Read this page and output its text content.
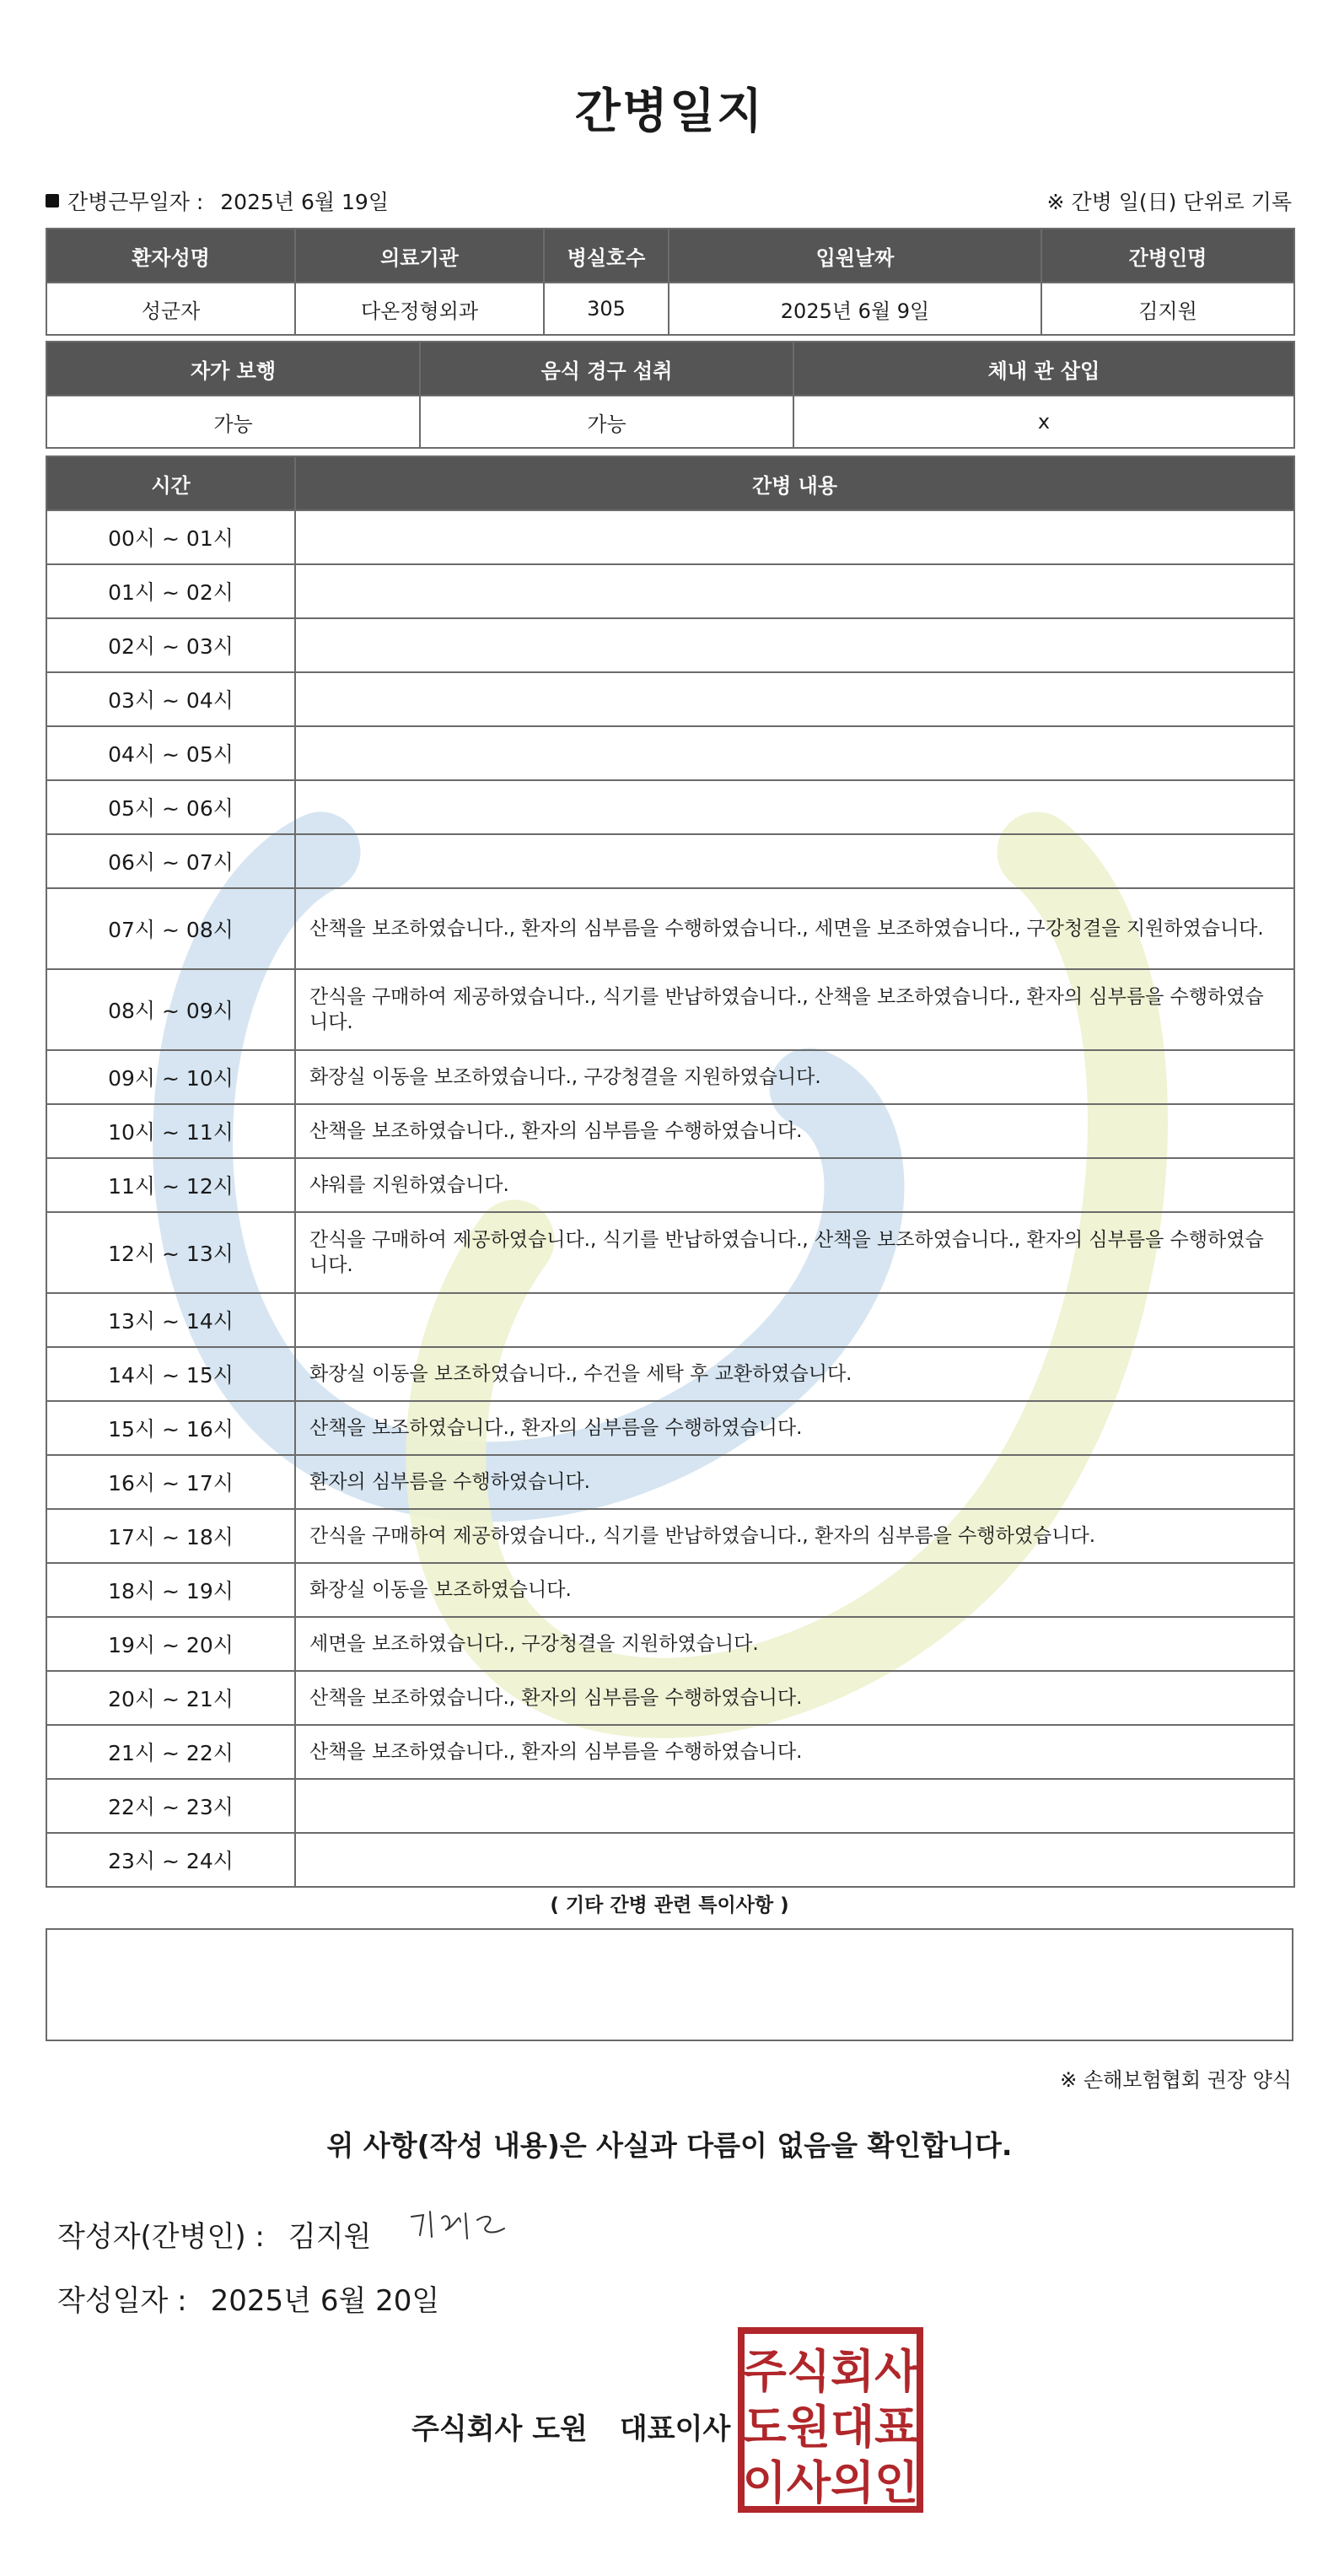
간병일지
간병근무일자 : 2025년 6월 19일	※ 간병 일(日) 단위로 기록
환자성명	의료기관	병실호수	입원날짜	간병인명
성군자	다온정형외과	305	2025년 6월 9일	김지원
자가 보행	음식 경구 섭취	체내 관 삽입
가능	가능	x
시간	간병 내용
00시 ~ 01시	
01시 ~ 02시	
02시 ~ 03시	
03시 ~ 04시	
04시 ~ 05시	
05시 ~ 06시	
06시 ~ 07시	
07시 ~ 08시	산책을 보조하였습니다., 환자의 심부름을 수행하였습니다., 세면을 보조하였습니다., 구강청결을 지원하였습니다.
08시 ~ 09시	간식을 구매하여 제공하였습니다., 식기를 반납하였습니다., 산책을 보조하였습니다., 환자의 심부름을 수행하였습니다.
09시 ~ 10시	화장실 이동을 보조하였습니다., 구강청결을 지원하였습니다.
10시 ~ 11시	산책을 보조하였습니다., 환자의 심부름을 수행하였습니다.
11시 ~ 12시	샤워를 지원하였습니다.
12시 ~ 13시	간식을 구매하여 제공하였습니다., 식기를 반납하였습니다., 산책을 보조하였습니다., 환자의 심부름을 수행하였습니다.
13시 ~ 14시	
14시 ~ 15시	화장실 이동을 보조하였습니다., 수건을 세탁 후 교환하였습니다.
15시 ~ 16시	산책을 보조하였습니다., 환자의 심부름을 수행하였습니다.
16시 ~ 17시	환자의 심부름을 수행하였습니다.
17시 ~ 18시	간식을 구매하여 제공하였습니다., 식기를 반납하였습니다., 환자의 심부름을 수행하였습니다.
18시 ~ 19시	화장실 이동을 보조하였습니다.
19시 ~ 20시	세면을 보조하였습니다., 구강청결을 지원하였습니다.
20시 ~ 21시	산책을 보조하였습니다., 환자의 심부름을 수행하였습니다.
21시 ~ 22시	산책을 보조하였습니다., 환자의 심부름을 수행하였습니다.
22시 ~ 23시	
23시 ~ 24시	
( 기타 간병 관련 특이사항 )
※ 손해보험협회 권장 양식
위 사항(작성 내용)은 사실과 다름이 없음을 확인합니다.
작성자(간병인) : 김지원
작성일자 : 2025년 6월 20일
주식회사 도원 대표이사
주식회사
도원대표
이사의인
